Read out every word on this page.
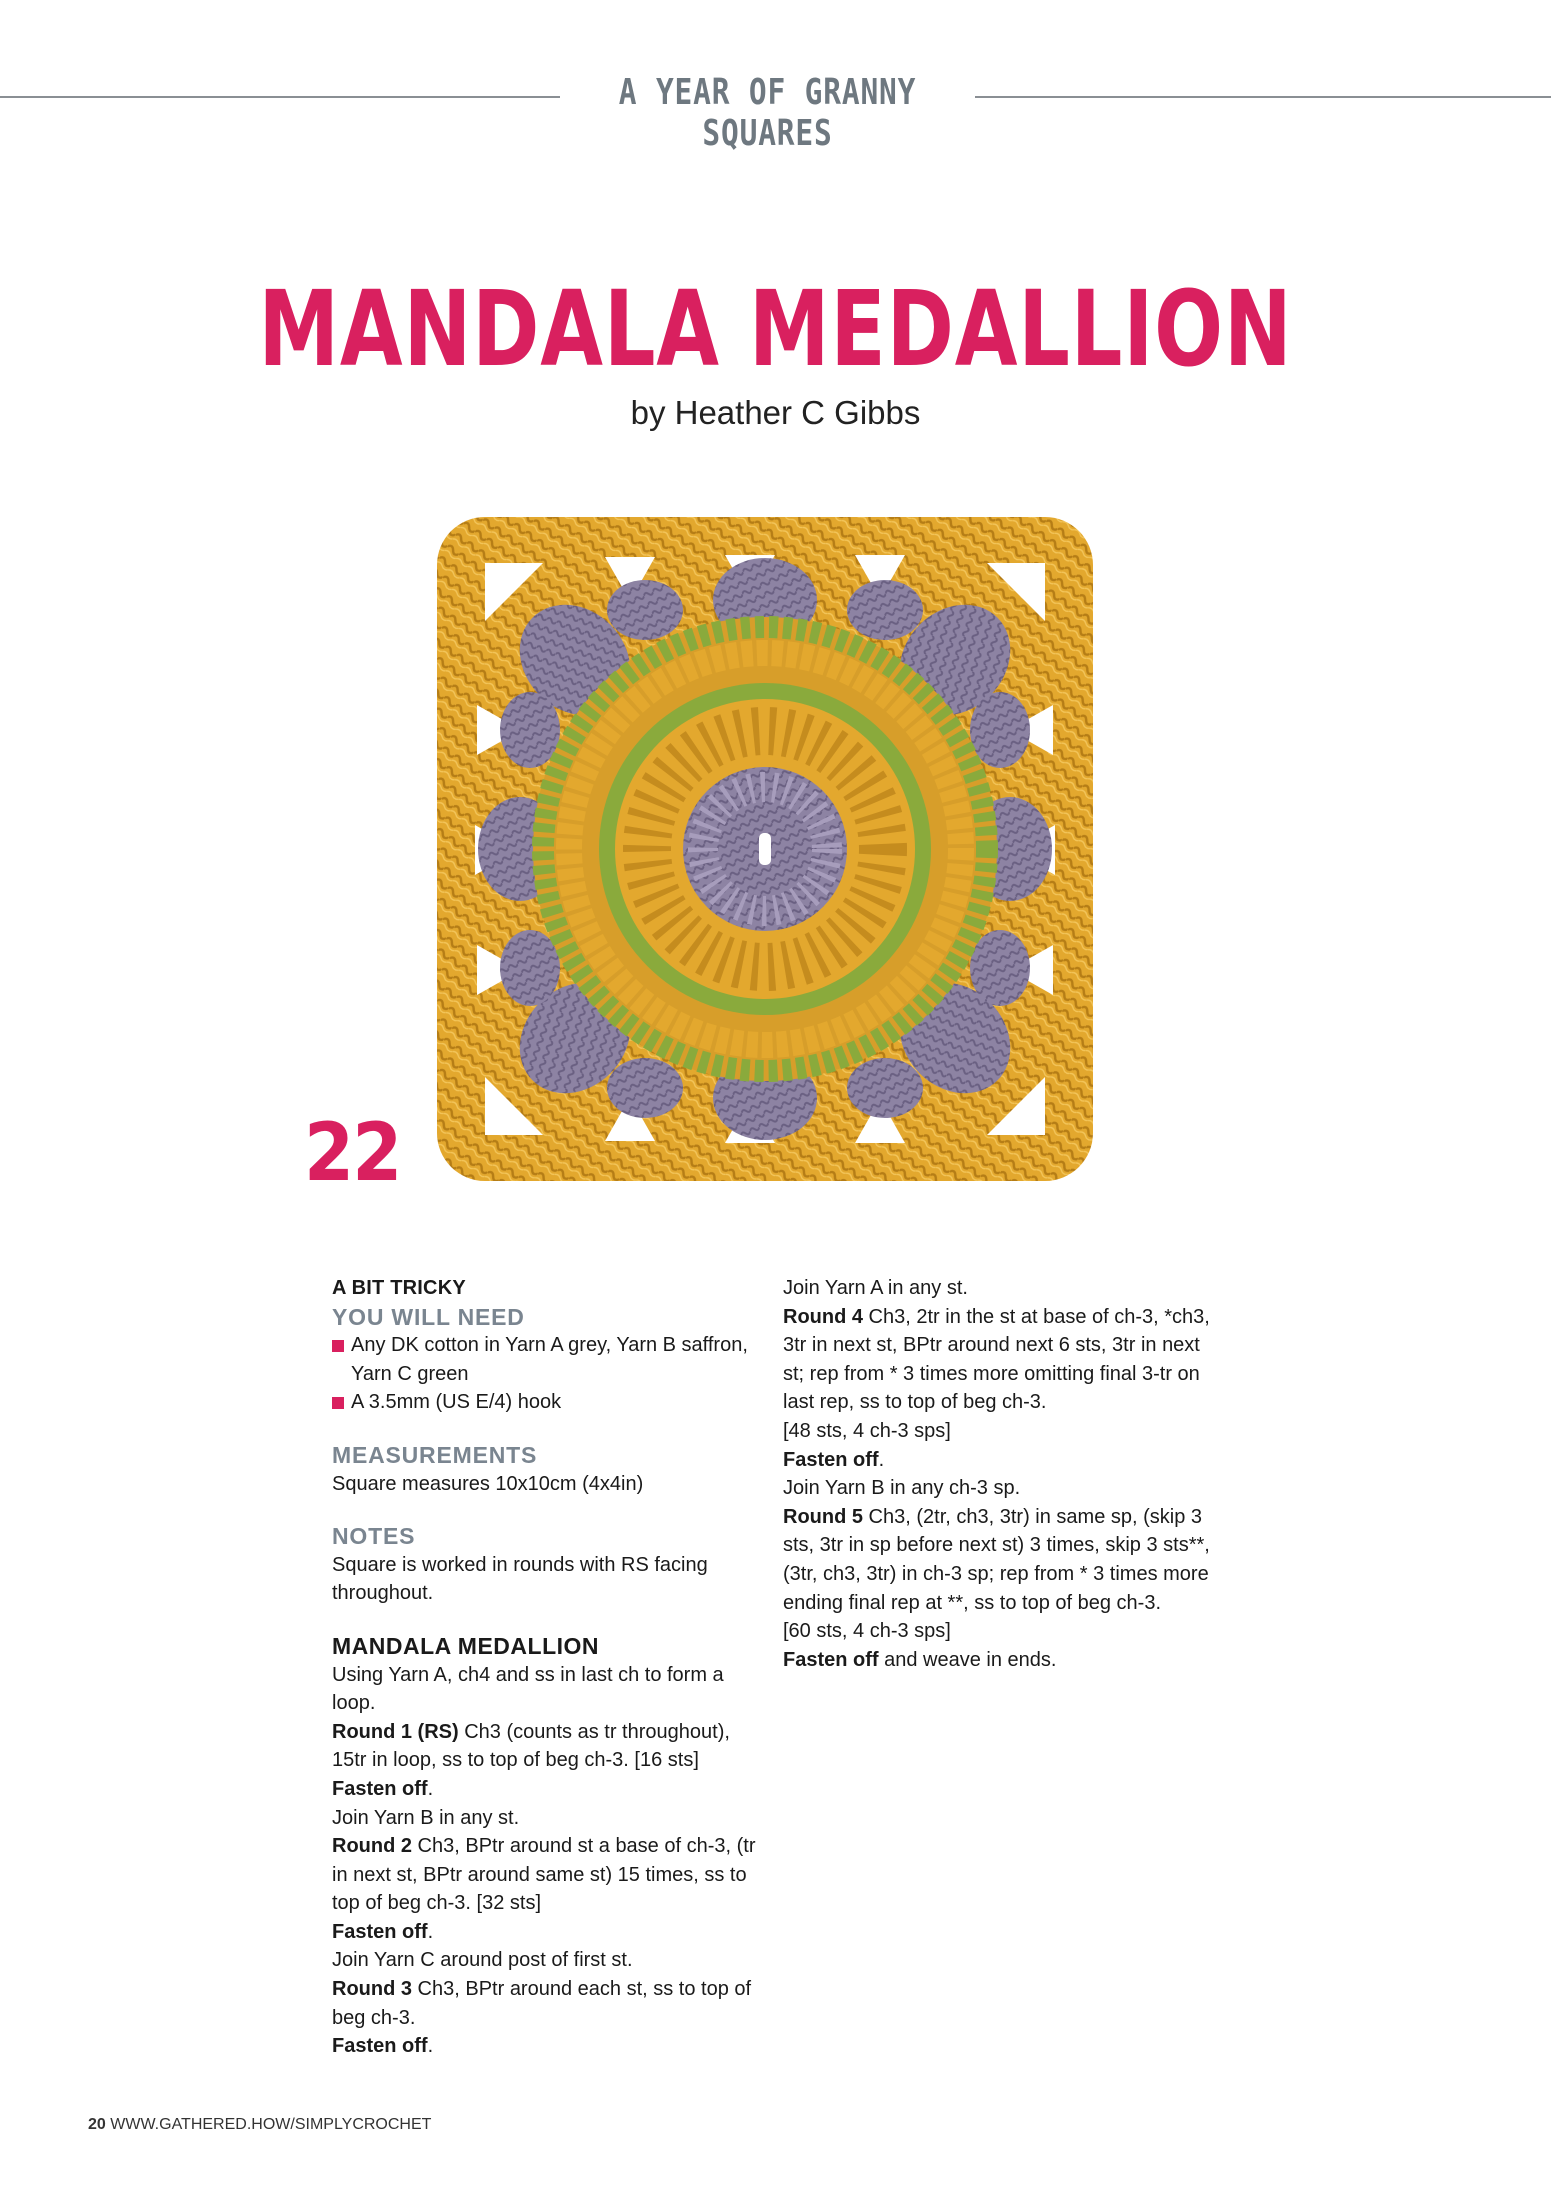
A YEAR OF GRANNY SQUARES
MANDALA MEDALLION
by Heather C Gibbs
22
A BIT TRICKY
YOU WILL NEED
Any DK cotton in Yarn A grey, Yarn B saffron, Yarn C green
A 3.5mm (US E/4) hook
MEASUREMENTS

Square measures 10x10cm (4x4in)

NOTES

Square is worked in rounds with RS facing throughout.

MANDALA MEDALLION

Using Yarn A, ch4 and ss in last ch to form a loop.

Round 1 (RS) Ch3 (counts as tr throughout), 15tr in loop, ss to top of beg ch-3. [16 sts]

Fasten off.

Join Yarn B in any st.

Round 2 Ch3, BPtr around st a base of ch-3, (tr in next st, BPtr around same st) 15 times, ss to top of beg ch-3. [32 sts]

Fasten off.

Join Yarn C around post of first st.

Round 3 Ch3, BPtr around each st, ss to top of beg ch-3.

Fasten off.

Join Yarn A in any st.

Round 4 Ch3, 2tr in the st at base of ch-3, *ch3, 3tr in next st, BPtr around next 6 sts, 3tr in next st; rep from * 3 times more omitting final 3-tr on last rep, ss to top of beg ch-3.

[48 sts, 4 ch-3 sps]

Fasten off.

Join Yarn B in any ch-3 sp.

Round 5 Ch3, (2tr, ch3, 3tr) in same sp, (skip 3 sts, 3tr in sp before next st) 3 times, skip 3 sts**, (3tr, ch3, 3tr) in ch-3 sp; rep from * 3 times more ending final rep at **, ss to top of beg ch-3.

[60 sts, 4 ch-3 sps]

Fasten off and weave in ends.

20 WWW.GATHERED.HOW/SIMPLYCROCHET
